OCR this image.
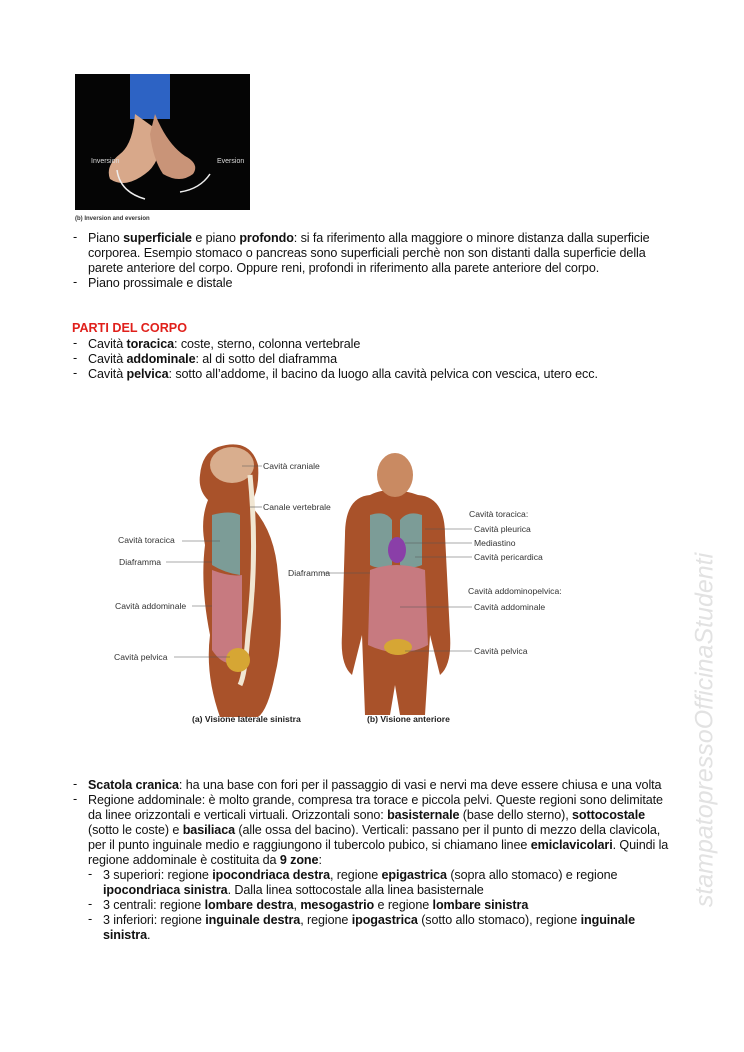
Inversion	Eversion
(b) Inversion and eversion
- Piano superficiale e piano profondo: si fa riferimento alla maggiore o minore distanza dalla superficie corporea. Esempio stomaco o pancreas sono superficiali perchè non son distanti dalla superficie della parete anteriore del corpo. Oppure reni, profondi in riferimento alla parete anteriore del corpo.
- Piano prossimale e distale
PARTI DEL CORPO
- Cavità toracica: coste, sterno, colonna vertebrale
- Cavità addominale: al di sotto del diaframma
- Cavità pelvica: sotto all’addome, il bacino da luogo alla cavità pelvica con vescica, utero ecc.
Cavità craniale
Canale vertebrale
Cavità toracica
Diaframma
Cavità addominale
Cavità pelvica
Diaframma
Cavità toracica:
Cavità pleurica
Mediastino
Cavità pericardica
Cavità addominopelvica:
Cavità addominale
Cavità pelvica
(a) Visione laterale sinistra	(b) Visione anteriore
- Scatola cranica: ha una base con fori per il passaggio di vasi e nervi ma deve essere chiusa e una volta
- Regione addominale: è molto grande, compresa tra torace e piccola pelvi. Queste regioni sono delimitate da linee orizzontali e verticali virtuali. Orizzontali sono: basisternale (base dello sterno), sottocostale (sotto le coste) e basiliaca (alle ossa del bacino). Verticali: passano per il punto di mezzo della clavicola, per il punto inguinale medio e raggiungono il tubercolo pubico, si chiamano linee emiclavicolari. Quindi la regione addominale è costituita da 9 zone:
- 3 superiori: regione ipocondriaca destra, regione epigastrica (sopra allo stomaco) e regione ipocondriaca sinistra. Dalla linea sottocostale alla linea basisternale
- 3 centrali: regione lombare destra, mesogastrio e regione lombare sinistra
- 3 inferiori: regione inguinale destra, regione ipogastrica (sotto allo stomaco), regione inguinale sinistra.
stampatopressoOfficinaStudenti
